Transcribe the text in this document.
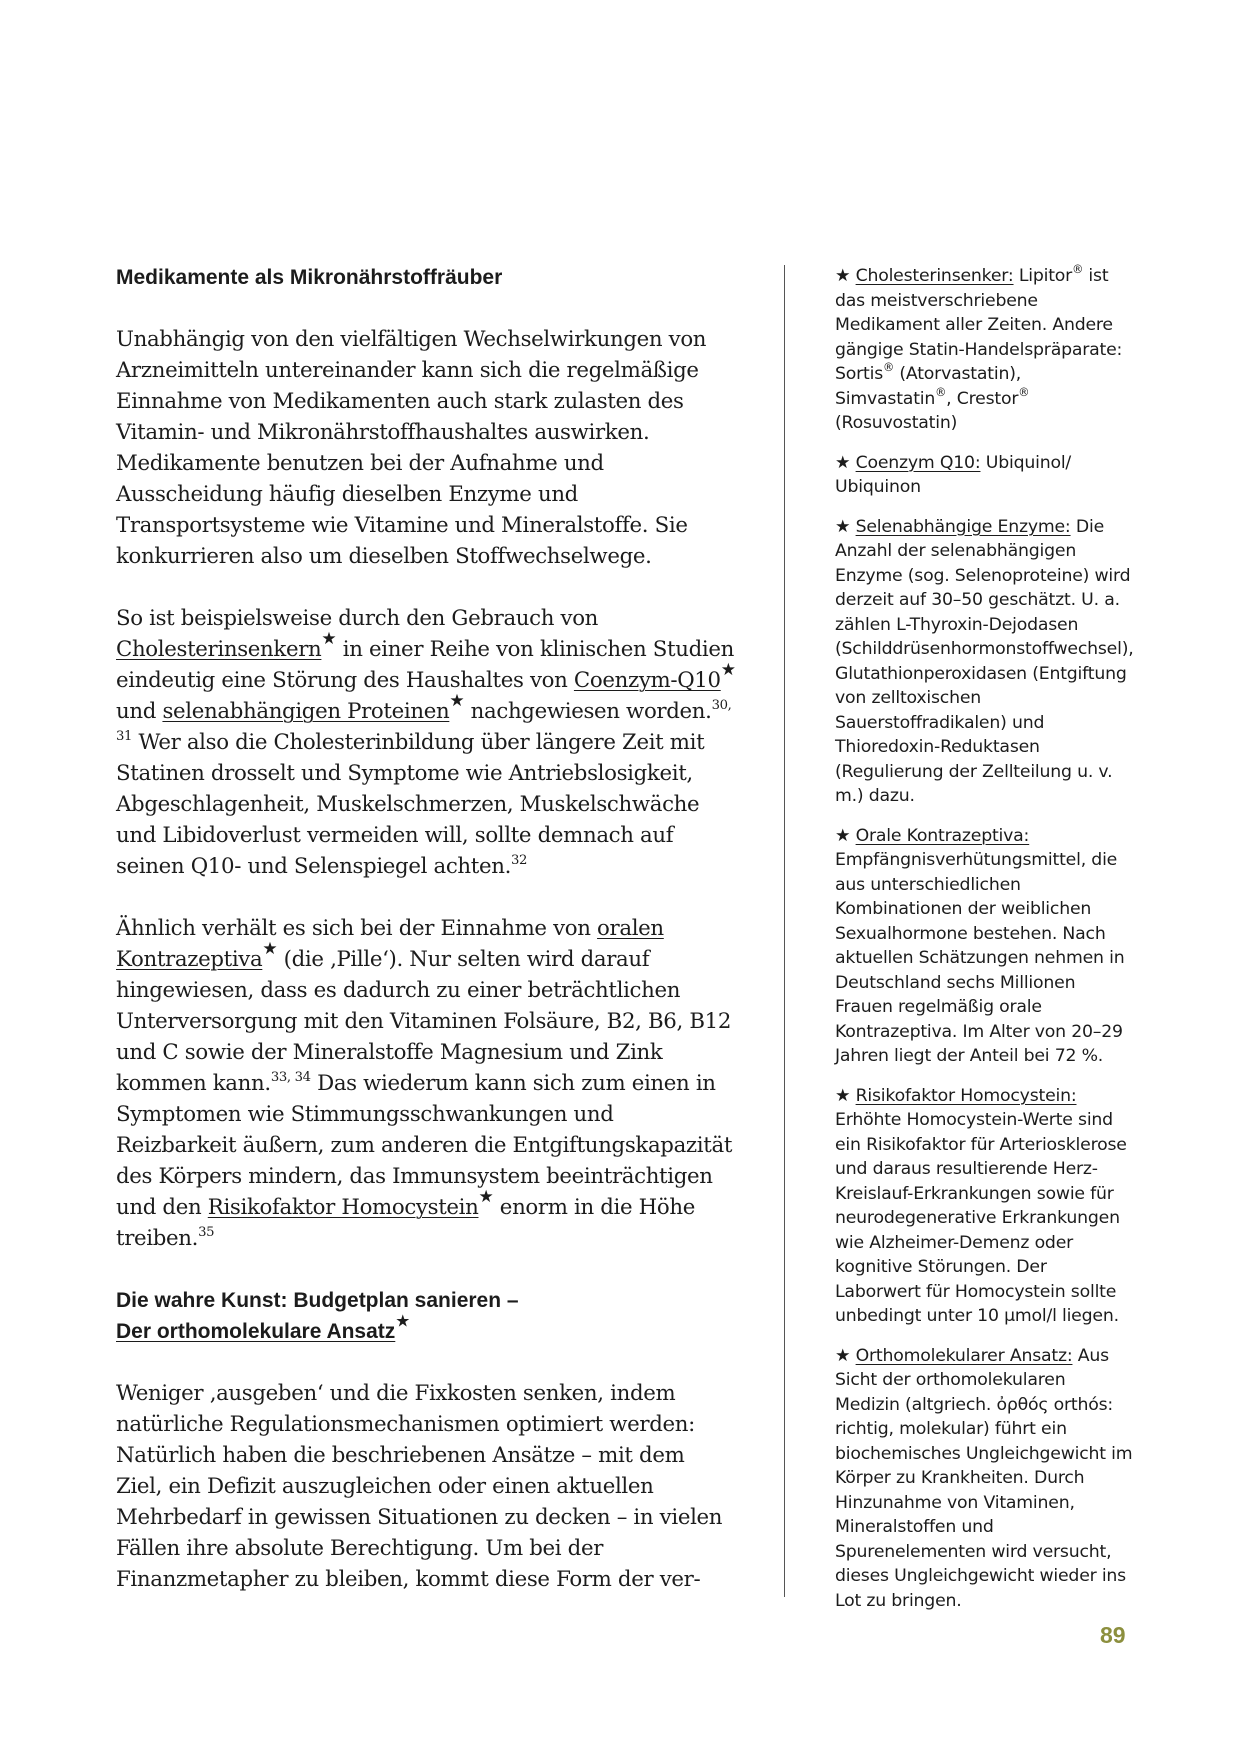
Medikamente als Mikronährstoffräuber

Unabhängig von den vielfältigen Wechselwirkungen von Arzneimitteln untereinander kann sich die regelmäßige Einnahme von Medikamenten auch stark zulasten des Vitamin- und Mikronährstoffhaushaltes auswirken. Medikamente benutzen bei der Aufnahme und Ausscheidung häufig dieselben Enzyme und Transportsysteme wie Vitamine und Mineralstoffe. Sie konkurrieren also um dieselben Stoffwechselwege.

So ist beispielsweise durch den Gebrauch von Cholesterinsenkern★ in einer Reihe von klinischen Studien eindeutig eine Störung des Haushaltes von Coenzym-Q10★ und selenabhängigen Proteinen★ nachgewiesen worden.$^{30, 31}$ Wer also die Cholesterinbildung über längere Zeit mit Statinen drosselt und Symptome wie Antriebslosigkeit, Abgeschlagenheit, Muskelschmerzen, Muskelschwäche und Libidoverlust vermeiden will, sollte demnach auf seinen Q10- und Selenspiegel achten.$^{32}$

Ähnlich verhält es sich bei der Einnahme von oralen Kontrazeptiva★ (die ‚Pille‘). Nur selten wird darauf hingewiesen, dass es dadurch zu einer beträchtlichen Unterversorgung mit den Vitaminen Folsäure, B2, B6, B12 und C sowie der Mineralstoffe Magnesium und Zink kommen kann.$^{33, 34}$ Das wiederum kann sich zum einen in Symptomen wie Stimmungsschwankungen und Reizbarkeit äußern, zum anderen die Entgiftungskapazität des Körpers mindern, das Immunsystem beeinträchtigen und den Risikofaktor Homocystein★ enorm in die Höhe treiben.$^{35}$

Die wahre Kunst: Budgetplan sanieren –
Der orthomolekulare Ansatz★

Weniger ‚ausgeben‘ und die Fixkosten senken, indem natürliche Regulationsmechanismen optimiert werden: Natürlich haben die beschriebenen Ansätze – mit dem Ziel, ein Defizit auszugleichen oder einen aktuellen Mehrbedarf in gewissen Situationen zu decken – in vielen Fällen ihre absolute Berechtigung. Um bei der Finanzmetapher zu bleiben, kommt diese Form der ver-

★ Cholesterinsenker: Lipitor® ist das meistverschriebene Medikament aller Zeiten. Andere gängige Statin-Handelspräparate: Sortis® (Atorvastatin), Simvastatin®, Crestor® (Rosuvostatin)

★ Coenzym Q10: Ubiquinol/ Ubiquinon

★ Selenabhängige Enzyme: Die Anzahl der selenabhängigen Enzyme (sog. Selenoproteine) wird derzeit auf 30–50 geschätzt. U. a. zählen L-Thyroxin-Dejodasen (Schilddrüsenhormonstoffwechsel), Glutathionperoxidasen (Entgiftung von zelltoxischen Sauerstoffradikalen) und Thioredoxin-Reduktasen (Regulierung der Zellteilung u. v. m.) dazu.

★ Orale Kontrazeptiva: Empfängnisverhütungsmittel, die aus unterschiedlichen Kombinationen der weiblichen Sexualhormone bestehen. Nach aktuellen Schätzungen nehmen in Deutschland sechs Millionen Frauen regelmäßig orale Kontrazeptiva. Im Alter von 20–29 Jahren liegt der Anteil bei 72 %.

★ Risikofaktor Homocystein: Erhöhte Homocystein-Werte sind ein Risikofaktor für Arteriosklerose und daraus resultierende Herz-Kreislauf-Erkrankungen sowie für neurodegenerative Erkrankungen wie Alzheimer-Demenz oder kognitive Störungen. Der Laborwert für Homocystein sollte unbedingt unter 10 µmol/l liegen.

★ Orthomolekularer Ansatz: Aus Sicht der orthomolekularen Medizin (altgriech. ὀρθός orthós: richtig, molekular) führt ein biochemisches Ungleichgewicht im Körper zu Krankheiten. Durch Hinzunahme von Vitaminen, Mineralstoffen und Spurenelementen wird versucht, dieses Ungleichgewicht wieder ins Lot zu bringen.

89
